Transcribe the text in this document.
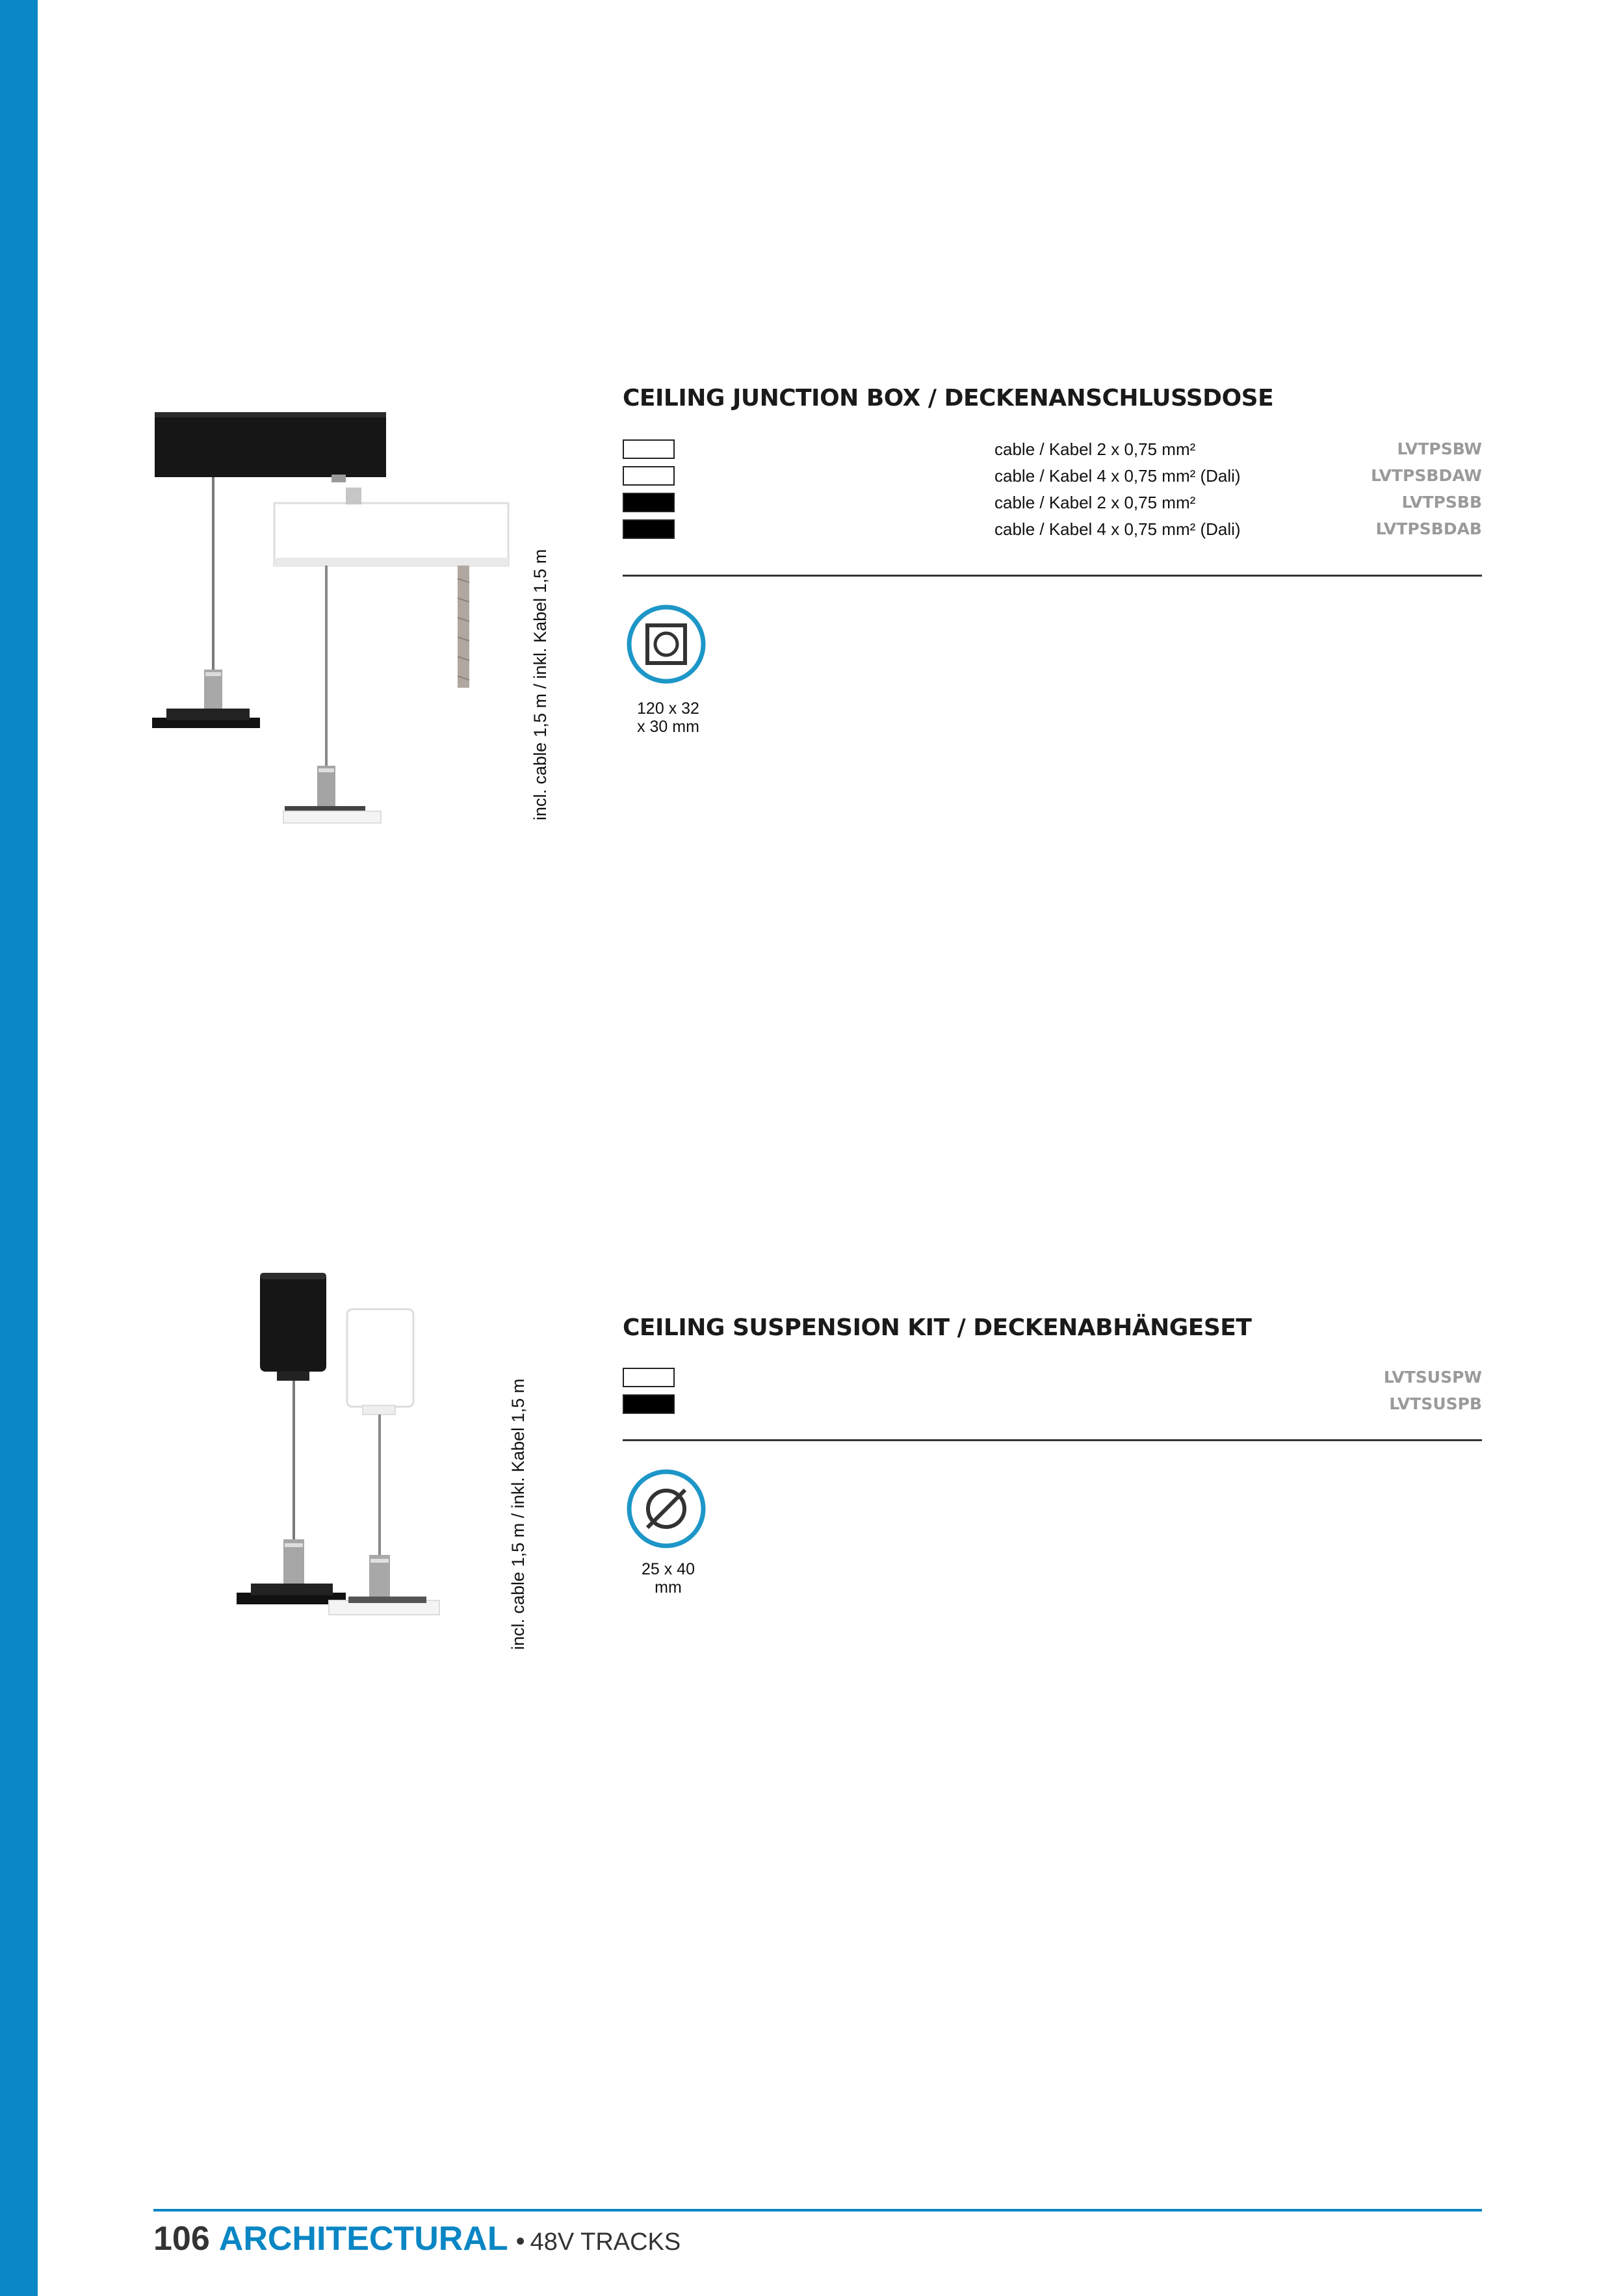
incl. cable 1,5 m / inkl. Kabel 1,5 m
CEILING JUNCTION BOX / DECKENANSCHLUSSDOSE
cable / Kabel 2 x 0,75 mm²	LVTPSBW
cable / Kabel 4 x 0,75 mm² (Dali)	LVTPSBDAW
cable / Kabel 2 x 0,75 mm²	LVTPSBB
cable / Kabel 4 x 0,75 mm² (Dali)	LVTPSBDAB
120 x 32
x 30 mm
incl. cable 1,5 m / inkl. Kabel 1,5 m
CEILING SUSPENSION KIT / DECKENABHÄNGESET
LVTSUSPW
LVTSUSPB
25 x 40
mm
106 ARCHITECTURAL • 48V TRACKS
